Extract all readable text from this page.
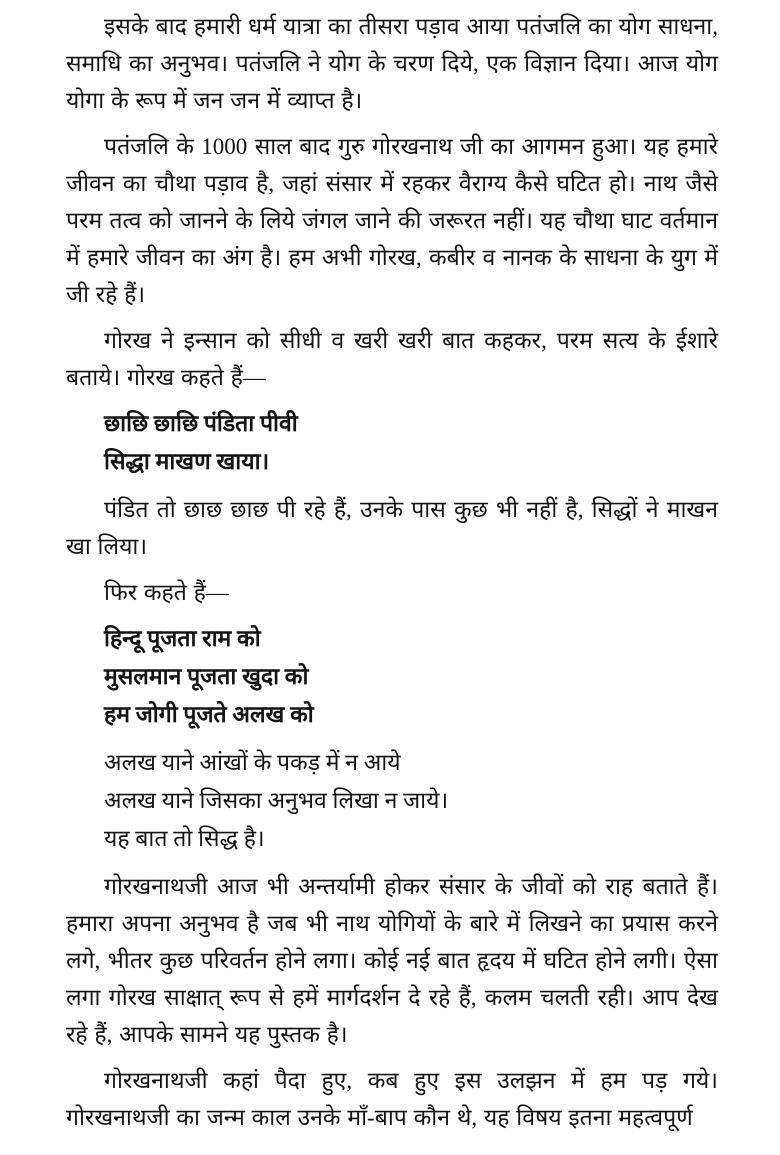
इसके बाद हमारी धर्म यात्रा का तीसरा पड़ाव आया पतंजलि का योग साधना, समाधि का अनुभव। पतंजलि ने योग के चरण दिये, एक विज्ञान दिया। आज योग योगा के रूप में जन जन में व्याप्त है।

पतंजलि के 1000 साल बाद गुरु गोरखनाथ जी का आगमन हुआ। यह हमारे जीवन का चौथा पड़ाव है, जहां संसार में रहकर वैराग्य कैसे घटित हो। नाथ जैसे परम तत्व को जानने के लिये जंगल जाने की जरूरत नहीं। यह चौथा घाट वर्तमान में हमारे जीवन का अंग है। हम अभी गोरख, कबीर व नानक के साधना के युग में जी रहे हैं।

गोरख ने इन्सान को सीधी व खरी खरी बात कहकर, परम सत्य के ईशारे बताये। गोरख कहते हैं—

छाछि छाछि पंडिता पीवी
सिद्धा माखण खाया।

पंडित तो छाछ छाछ पी रहे हैं, उनके पास कुछ भी नहीं है, सिद्धों ने माखन खा लिया।

फिर कहते हैं—

हिन्दू पूजता राम को
मुसलमान पूजता खुदा को
हम जोगी पूजते अलख को
अलख याने आंखों के पकड़ में न आये
अलख याने जिसका अनुभव लिखा न जाये।
यह बात तो सिद्ध है।

गोरखनाथजी आज भी अन्तर्यामी होकर संसार के जीवों को राह बताते हैं। हमारा अपना अनुभव है जब भी नाथ योगियों के बारे में लिखने का प्रयास करने लगे, भीतर कुछ परिवर्तन होने लगा। कोई नई बात हृदय में घटित होने लगी। ऐसा लगा गोरख साक्षात् रूप से हमें मार्गदर्शन दे रहे हैं, कलम चलती रही। आप देख रहे हैं, आपके सामने यह पुस्तक है।

गोरखनाथजी कहां पैदा हुए, कब हुए इस उलझन में हम पड़ गये। गोरखनाथजी का जन्म काल उनके माँ-बाप कौन थे, यह विषय इतना महत्वपूर्ण
